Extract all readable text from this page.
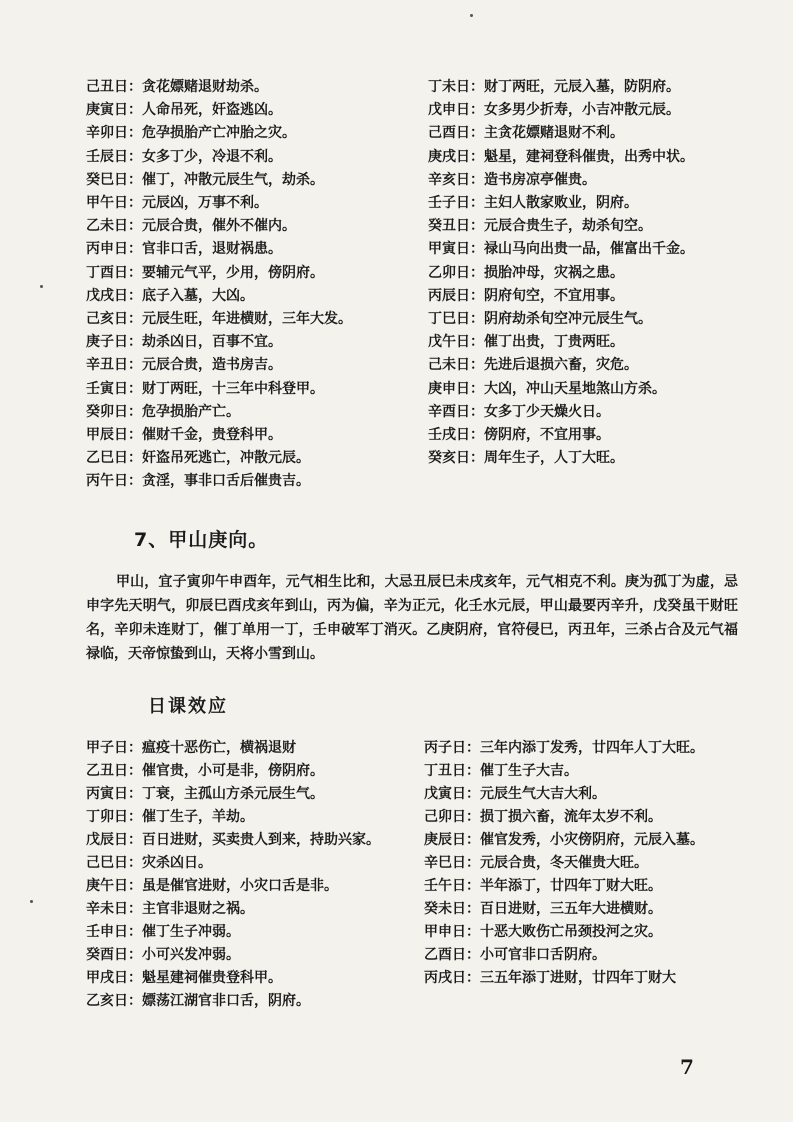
己丑日：贪花嫖赌退财劫杀。
庚寅日：人命吊死，奸盗逃凶。
辛卯日：危孕损胎产亡冲胎之灾。
壬辰日：女多丁少，冷退不利。
癸巳日：催丁，冲散元辰生气，劫杀。
甲午日：元辰凶，万事不利。
乙未日：元辰合贵，催外不催内。
丙申日：官非口舌，退财祸患。
丁酉日：要辅元气平，少用，傍阴府。
戊戌日：底子入墓，大凶。
己亥日：元辰生旺，年进横财，三年大发。
庚子日：劫杀凶日，百事不宜。
辛丑日：元辰合贵，造书房吉。
壬寅日：财丁两旺，十三年中科登甲。
癸卯日：危孕损胎产亡。
甲辰日：催财千金，贵登科甲。
乙巳日：奸盗吊死逃亡，冲散元辰。
丙午日：贪淫，事非口舌后催贵吉。
丁未日：财丁两旺，元辰入墓，防阴府。
戊申日：女多男少折寿，小吉冲散元辰。
己酉日：主贪花嫖赌退财不利。
庚戌日：魁星，建祠登科催贵，出秀中状。
辛亥日：造书房凉亭催贵。
壬子日：主妇人散家败业，阴府。
癸丑日：元辰合贵生子，劫杀旬空。
甲寅日：禄山马向出贵一品，催富出千金。
乙卯日：损胎冲母，灾祸之患。
丙辰日：阴府旬空，不宜用事。
丁巳日：阴府劫杀旬空冲元辰生气。
戊午日：催丁出贵，丁贵两旺。
己未日：先进后退损六畜，灾危。
庚申日：大凶，冲山天星地煞山方杀。
辛酉日：女多丁少天燥火日。
壬戌日：傍阴府，不宜用事。
癸亥日：周年生子，人丁大旺。
7、甲山庚向。
甲山，宜子寅卯午申酉年，元气相生比和，大忌丑辰巳未戌亥年，元气相克不利。庚为孤丁为虚，忌申字先天明气，卯辰巳酉戌亥年到山，丙为偏，辛为正元，化壬水元辰，甲山最要丙辛升，戊癸虽干财旺名，辛卯未连财丁，催丁单用一丁，壬申破军丁消灭。乙庚阴府，官符侵巳，丙丑年，三杀占合及元气福禄临，天帝惊蛰到山，天将小雪到山。
日课效应
甲子日：瘟疫十恶伤亡，横祸退财
乙丑日：催官贵，小可是非，傍阴府。
丙寅日：丁衰，主孤山方杀元辰生气。
丁卯日：催丁生子，羊劫。
戊辰日：百日进财，买卖贵人到来，持助兴家。
己巳日：灾杀凶日。
庚午日：虽是催官进财，小灾口舌是非。
辛未日：主官非退财之祸。
壬申日：催丁生子冲弱。
癸酉日：小可兴发冲弱。
甲戌日：魁星建祠催贵登科甲。
乙亥日：嫖荡江湖官非口舌，阴府。
丙子日：三年内添丁发秀，廿四年人丁大旺。
丁丑日：催丁生子大吉。
戊寅日：元辰生气大吉大利。
己卯日：损丁损六畜，流年太岁不利。
庚辰日：催官发秀，小灾傍阴府，元辰入墓。
辛巳日：元辰合贵，冬天催贵大旺。
壬午日：半年添丁，廿四年丁财大旺。
癸未日：百日进财，三五年大进横财。
甲申日：十恶大败伤亡吊颈投河之灾。
乙酉日：小可官非口舌阴府。
丙戌日：三五年添丁进财，廿四年丁财大
7
